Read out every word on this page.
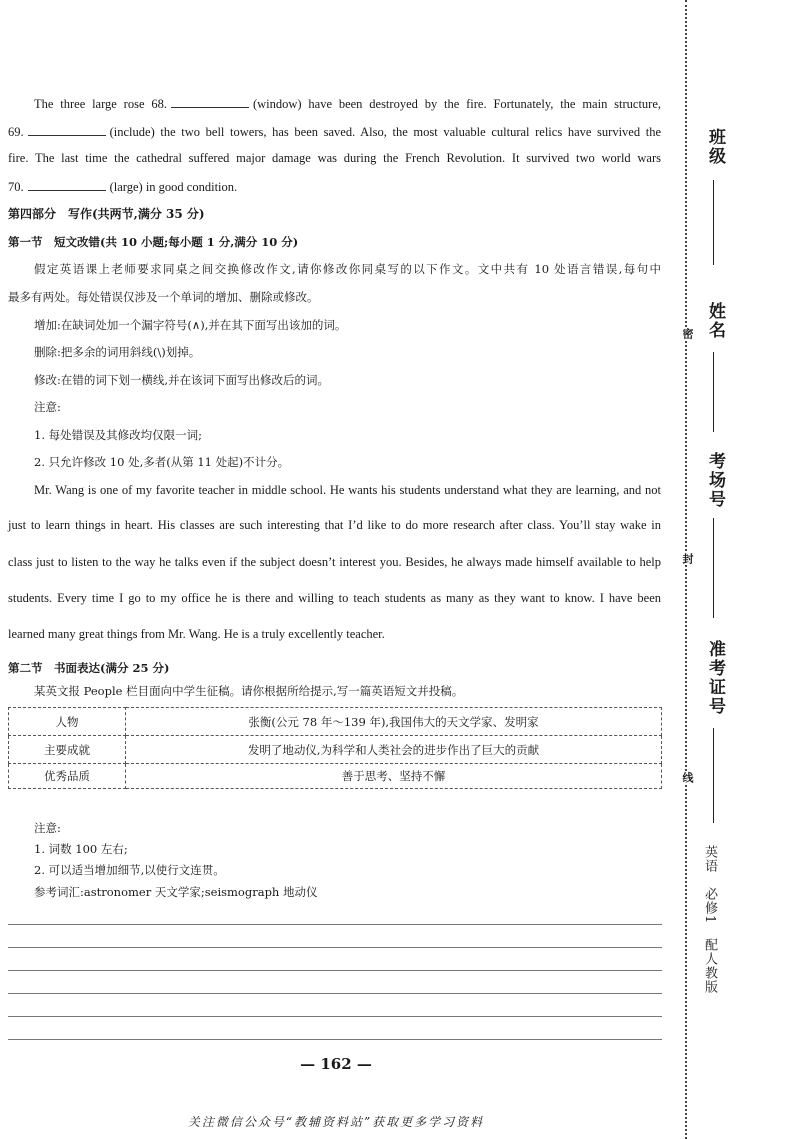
The three large rose 68.	(window) have been destroyed by the fire. Fortunately, the main structure,
69.	(include) the two bell towers, has been saved. Also, the most valuable cultural relics have survived the
fire. The last time the cathedral suffered major damage was during the French Revolution. It survived two world wars
70.	(large) in good condition.
第四部分　写作(共两节,满分 35 分)
第一节　短文改错(共 10 小题;每小题 1 分,满分 10 分)
假定英语课上老师要求同桌之间交换修改作文,请你修改你同桌写的以下作文。文中共有 10 处语言错误,每句中
最多有两处。每处错误仅涉及一个单词的增加、删除或修改。
增加:在缺词处加一个漏字符号(∧),并在其下面写出该加的词。
删除:把多余的词用斜线(\)划掉。
修改:在错的词下划一横线,并在该词下面写出修改后的词。
注意:
1. 每处错误及其修改均仅限一词;
2. 只允许修改 10 处,多者(从第 11 处起)不计分。
Mr. Wang is one of my favorite teacher in middle school. He wants his students understand what they are learning, and not
just to learn things in heart. His classes are such interesting that I’d like to do more research after class. You’ll stay wake in
class just to listen to the way he talks even if the subject doesn’t interest you. Besides, he always made himself available to help
students. Every time I go to my office he is there and willing to teach students as many as they want to know. I have been
learned many great things from Mr. Wang. He is a truly excellently teacher.
第二节　书面表达(满分 25 分)
某英文报 People 栏目面向中学生征稿。请你根据所给提示,写一篇英语短文并投稿。
人物	张衡(公元 78 年～139 年),我国伟大的天文学家、发明家
主要成就	发明了地动仪,为科学和人类社会的进步作出了巨大的贡献
优秀品质	善于思考、坚持不懈
注意:
1. 词数 100 左右;
2. 可以适当增加细节,以使行文连贯。
参考词汇:astronomer 天文学家;seismograph 地动仪
— 162 —
关注微信公众号“教辅资料站”获取更多学习资料
班级
姓名
考场号
准考证号
密
封
线
英语　必修1　配人教版
